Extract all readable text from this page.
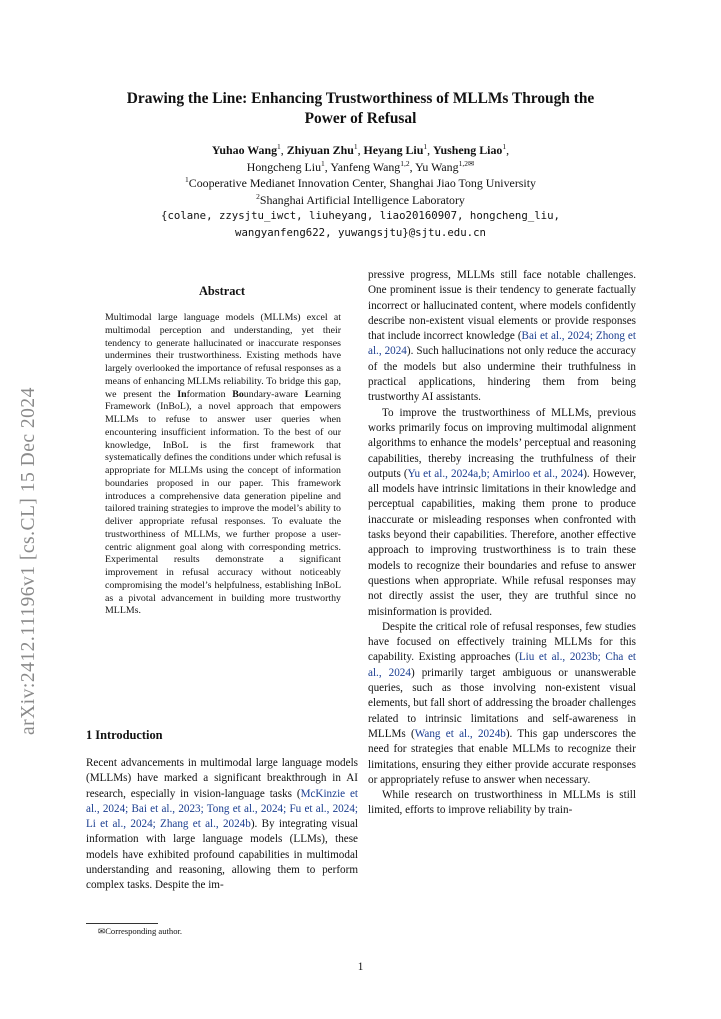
arXiv:2412.11196v1 [cs.CL] 15 Dec 2024
Drawing the Line: Enhancing Trustworthiness of MLLMs Through the
Power of Refusal
Yuhao Wang$^1$, Zhiyuan Zhu$^1$, Heyang Liu$^1$, Yusheng Liao$^1$,
Hongcheng Liu$^1$, Yanfeng Wang$^{1,2}$, Yu Wang$^{1,2✉}$
$^1$Cooperative Medianet Innovation Center, Shanghai Jiao Tong University
$^2$Shanghai Artificial Intelligence Laboratory
{colane, zzysjtu_iwct, liuheyang, liao20160907, hongcheng_liu,
wangyanfeng622, yuwangsjtu}@sjtu.edu.cn
Abstract
Multimodal large language models (MLLMs) excel at multimodal perception and understanding, yet their tendency to generate hallucinated or inaccurate responses undermines their trustworthiness. Existing methods have largely overlooked the importance of refusal responses as a means of enhancing MLLMs reliability. To bridge this gap, we present the Information Boundary-aware Learning Framework (InBoL), a novel approach that empowers MLLMs to refuse to answer user queries when encountering insufficient information. To the best of our knowledge, InBoL is the first framework that systematically defines the conditions under which refusal is appropriate for MLLMs using the concept of information boundaries proposed in our paper. This framework introduces a comprehensive data generation pipeline and tailored training strategies to improve the model’s ability to deliver appropriate refusal responses. To evaluate the trustworthiness of MLLMs, we further propose a user-centric alignment goal along with corresponding metrics. Experimental results demonstrate a significant improvement in refusal accuracy without noticeably compromising the model’s helpfulness, establishing InBoL as a pivotal advancement in building more trustworthy MLLMs.
1 Introduction

Recent advancements in multimodal large language models (MLLMs) have marked a significant breakthrough in AI research, especially in vision-language tasks (McKinzie et al., 2024; Bai et al., 2023; Tong et al., 2024; Fu et al., 2024; Li et al., 2024; Zhang et al., 2024b). By integrating visual information with large language models (LLMs), these models have exhibited profound capabilities in multimodal understanding and reasoning, allowing them to perform complex tasks. Despite the im-

pressive progress, MLLMs still face notable challenges. One prominent issue is their tendency to generate factually incorrect or hallucinated content, where models confidently describe non-existent visual elements or provide responses that include incorrect knowledge (Bai et al., 2024; Zhong et al., 2024). Such hallucinations not only reduce the accuracy of the models but also undermine their truthfulness in practical applications, hindering them from being trustworthy AI assistants.

To improve the trustworthiness of MLLMs, previous works primarily focus on improving multimodal alignment algorithms to enhance the models’ perceptual and reasoning capabilities, thereby increasing the truthfulness of their outputs (Yu et al., 2024a,b; Amirloo et al., 2024). However, all models have intrinsic limitations in their knowledge and perceptual capabilities, making them prone to produce inaccurate or misleading responses when confronted with tasks beyond their capabilities. Therefore, another effective approach to improving trustworthiness is to train these models to recognize their boundaries and refuse to answer questions when appropriate. While refusal responses may not directly assist the user, they are truthful since no misinformation is provided.

Despite the critical role of refusal responses, few studies have focused on effectively training MLLMs for this capability. Existing approaches (Liu et al., 2023b; Cha et al., 2024) primarily target ambiguous or unanswerable queries, such as those involving non-existent visual elements, but fall short of addressing the broader challenges related to intrinsic limitations and self-awareness in MLLMs (Wang et al., 2024b). This gap underscores the need for strategies that enable MLLMs to recognize their limitations, ensuring they either provide accurate responses or appropriately refuse to answer when necessary.

While research on trustworthiness in MLLMs is still limited, efforts to improve reliability by train-

✉Corresponding author.
1
